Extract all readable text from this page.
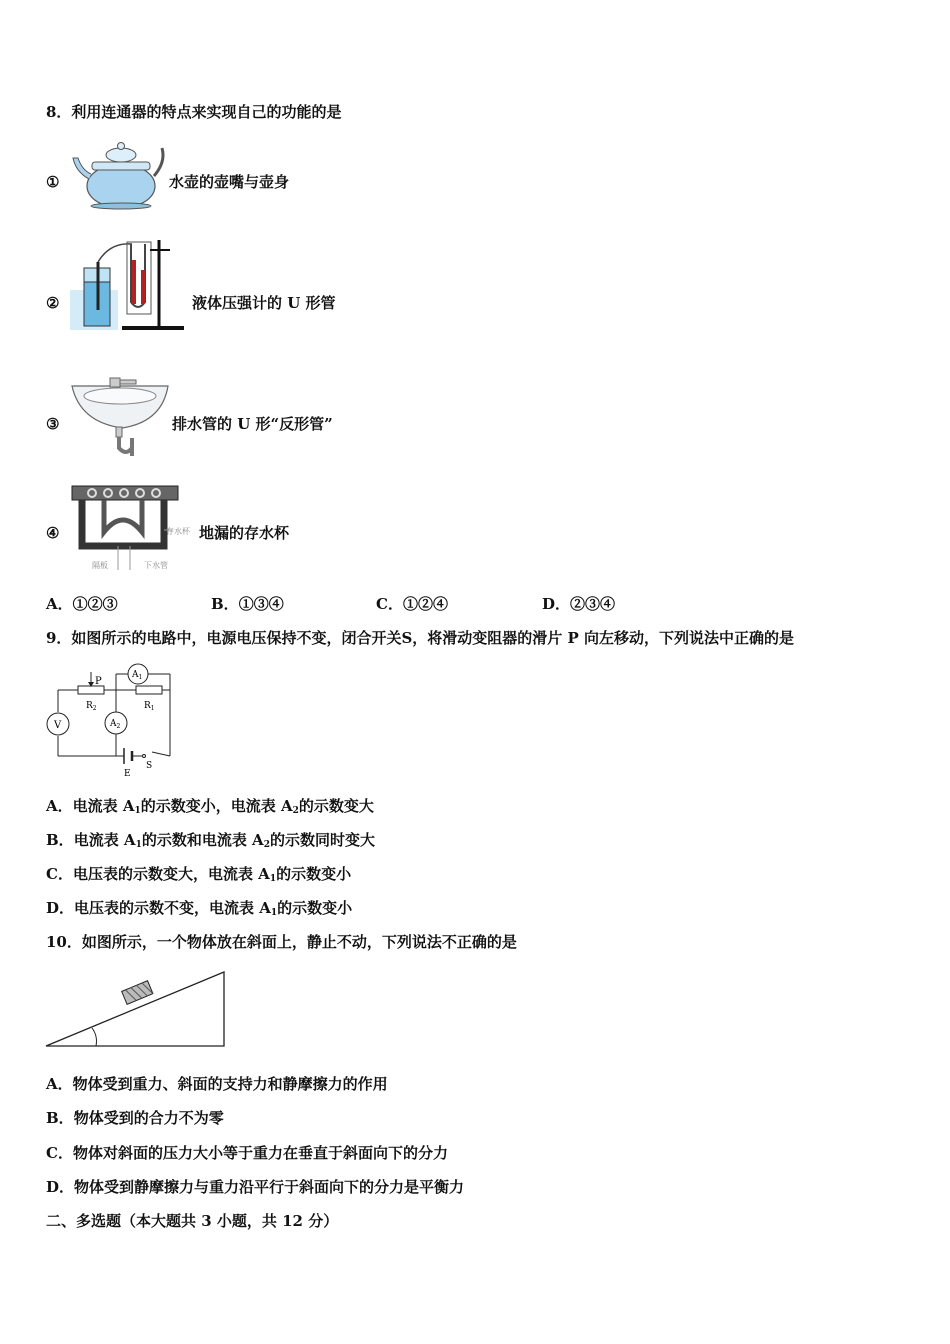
8．利用连通器的特点来实现自己的功能的是
①	水壶的壶嘴与壶身
②	液体压强计的 U 形管
③	排水管的 U 形“反形管”
④	存水杯
隔板	下水管
地漏的存水杯
A．①②③	B．①③④	C．①②④	D．②③④
9．如图所示的电路中，电源电压保持不变，闭合开关S，将滑动变阻器的滑片 P 向左移动，下列说法中正确的是
P
$R_2$	$R_1$
V	$A_2$
$A_1$
E
S
A．电流表 $A_1$的示数变小，电流表 $A_2$的示数变大
B．电流表 $A_1$的示数和电流表 $A_2$的示数同时变大
C．电压表的示数变大，电流表 $A_1$的示数变小
D．电压表的示数不变，电流表 $A_1$的示数变小
10．如图所示，一个物体放在斜面上，静止不动，下列说法不正确的是
A．物体受到重力、斜面的支持力和静摩擦力的作用
B．物体受到的合力不为零
C．物体对斜面的压力大小等于重力在垂直于斜面向下的分力
D．物体受到静摩擦力与重力沿平行于斜面向下的分力是平衡力
二、多选题（本大题共 3 小题，共 12 分）
